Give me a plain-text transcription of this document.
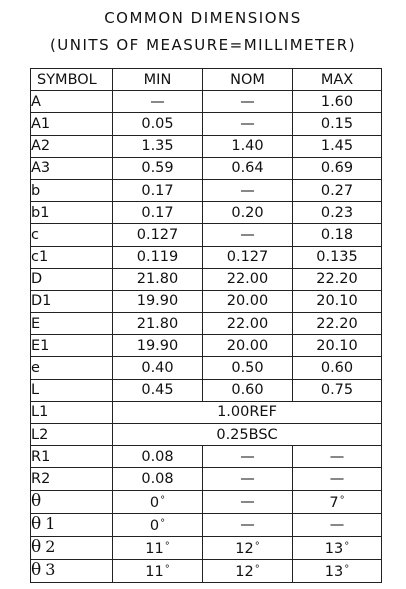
COMMON DIMENSIONS
(UNITS OF MEASURE=MILLIMETER)
SYMBOL	MIN	NOM	MAX
A	—	—	1.60
A1	0.05	—	0.15
A2	1.35	1.40	1.45
A3	0.59	0.64	0.69
b	0.17	—	0.27
b1	0.17	0.20	0.23
c	0.127	—	0.18
c1	0.119	0.127	0.135
D	21.80	22.00	22.20
D1	19.90	20.00	20.10
E	21.80	22.00	22.20
E1	19.90	20.00	20.10
e	0.40	0.50	0.60
L	0.45	0.60	0.75
L1	1.00REF		
L2	0.25BSC		
R1	0.08	—	—
R2	0.08	—	—
θ	0°	—	7°
θ 1	0°	—	—
θ 2	11°	12°	13°
θ 3	11°	12°	13°
